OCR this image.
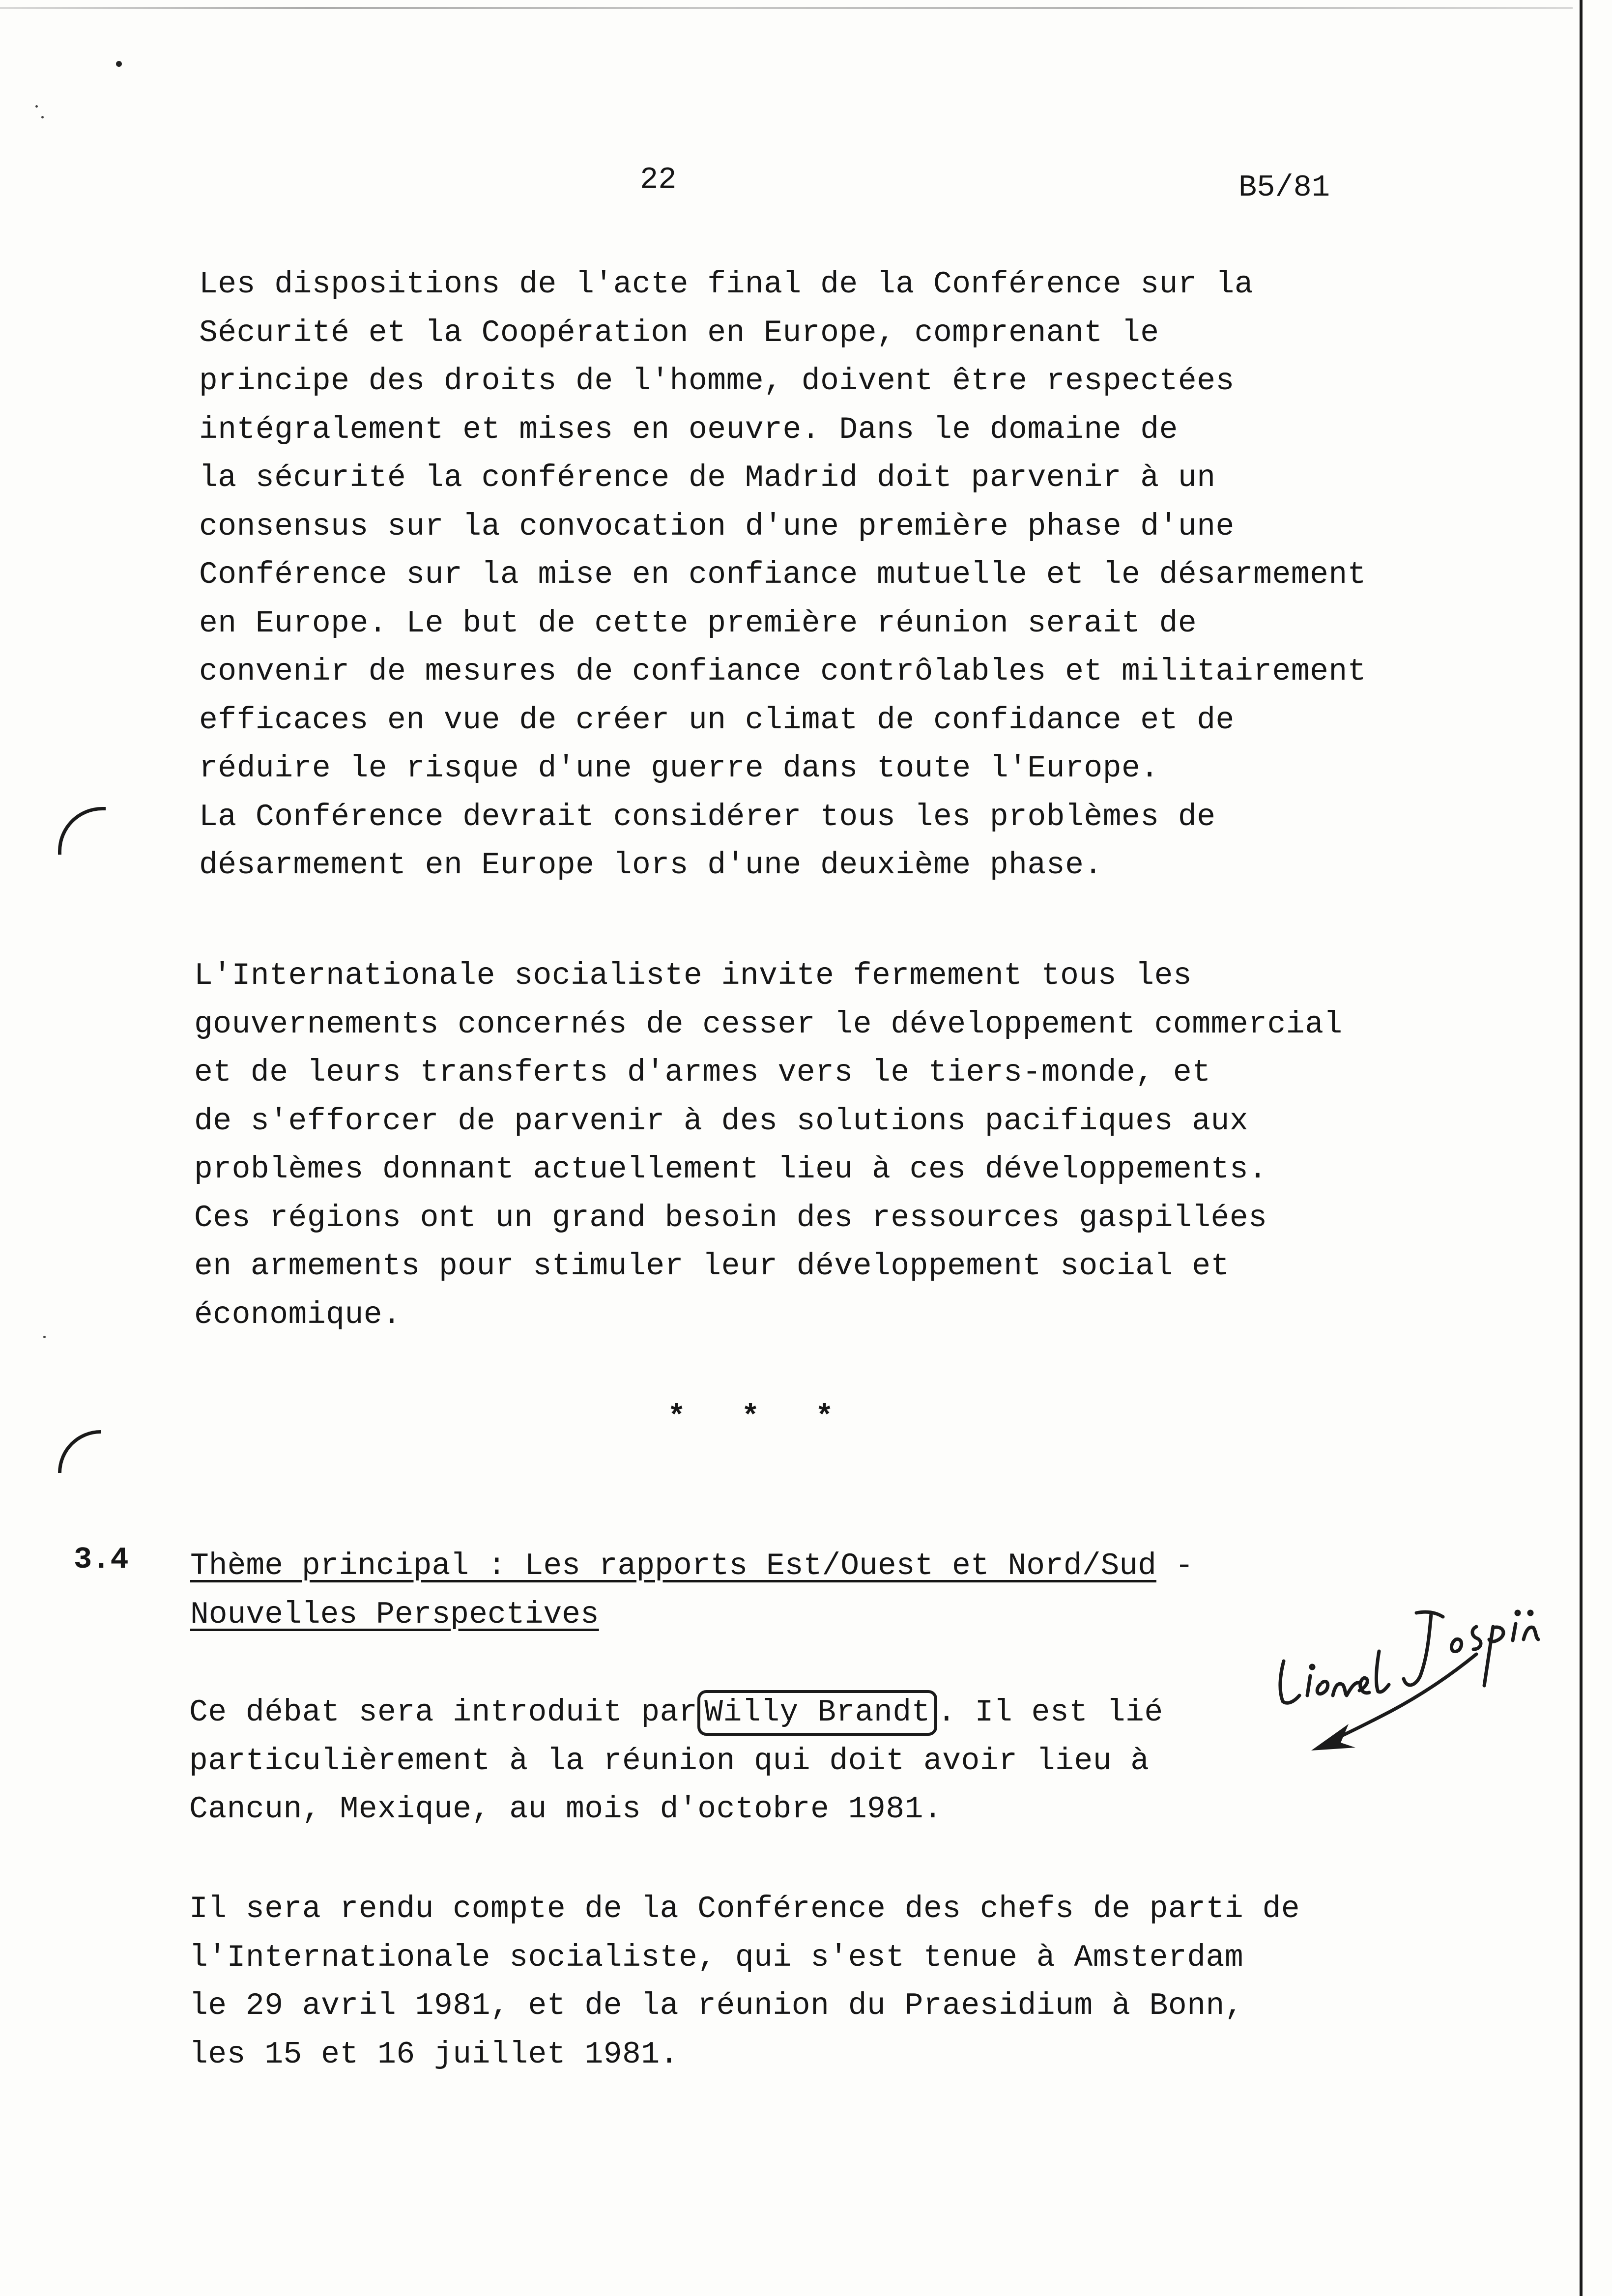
22	B5/81
Les dispositions de l'acte final de la Conférence sur la
Sécurité et la Coopération en Europe, comprenant le
principe des droits de l'homme, doivent être respectées
intégralement et mises en oeuvre. Dans le domaine de
la sécurité la conférence de Madrid doit parvenir à un
consensus sur la convocation d'une première phase d'une
Conférence sur la mise en confiance mutuelle et le désarmement
en Europe. Le but de cette première réunion serait de
convenir de mesures de confiance contrôlables et militairement
efficaces en vue de créer un climat de confidance et de
réduire le risque d'une guerre dans toute l'Europe.
La Conférence devrait considérer tous les problèmes de
désarmement en Europe lors d'une deuxième phase.
L'Internationale socialiste invite fermement tous les
gouvernements concernés de cesser le développement commercial
et de leurs transferts d'armes vers le tiers-monde, et
de s'efforcer de parvenir à des solutions pacifiques aux
problèmes donnant actuellement lieu à ces développements.
Ces régions ont un grand besoin des ressources gaspillées
en armements pour stimuler leur développement social et
économique.
* * *
3.4 Thème principal : Les rapports Est/Ouest et Nord/Sud -
Nouvelles Perspectives
Ce débat sera introduit par Willy Brandt . Il est lié
particulièrement à la réunion qui doit avoir lieu à
Cancun, Mexique, au mois d'octobre 1981.
Il sera rendu compte de la Conférence des chefs de parti de
l'Internationale socialiste, qui s'est tenue à Amsterdam
le 29 avril 1981, et de la réunion du Praesidium à Bonn,
les 15 et 16 juillet 1981.
